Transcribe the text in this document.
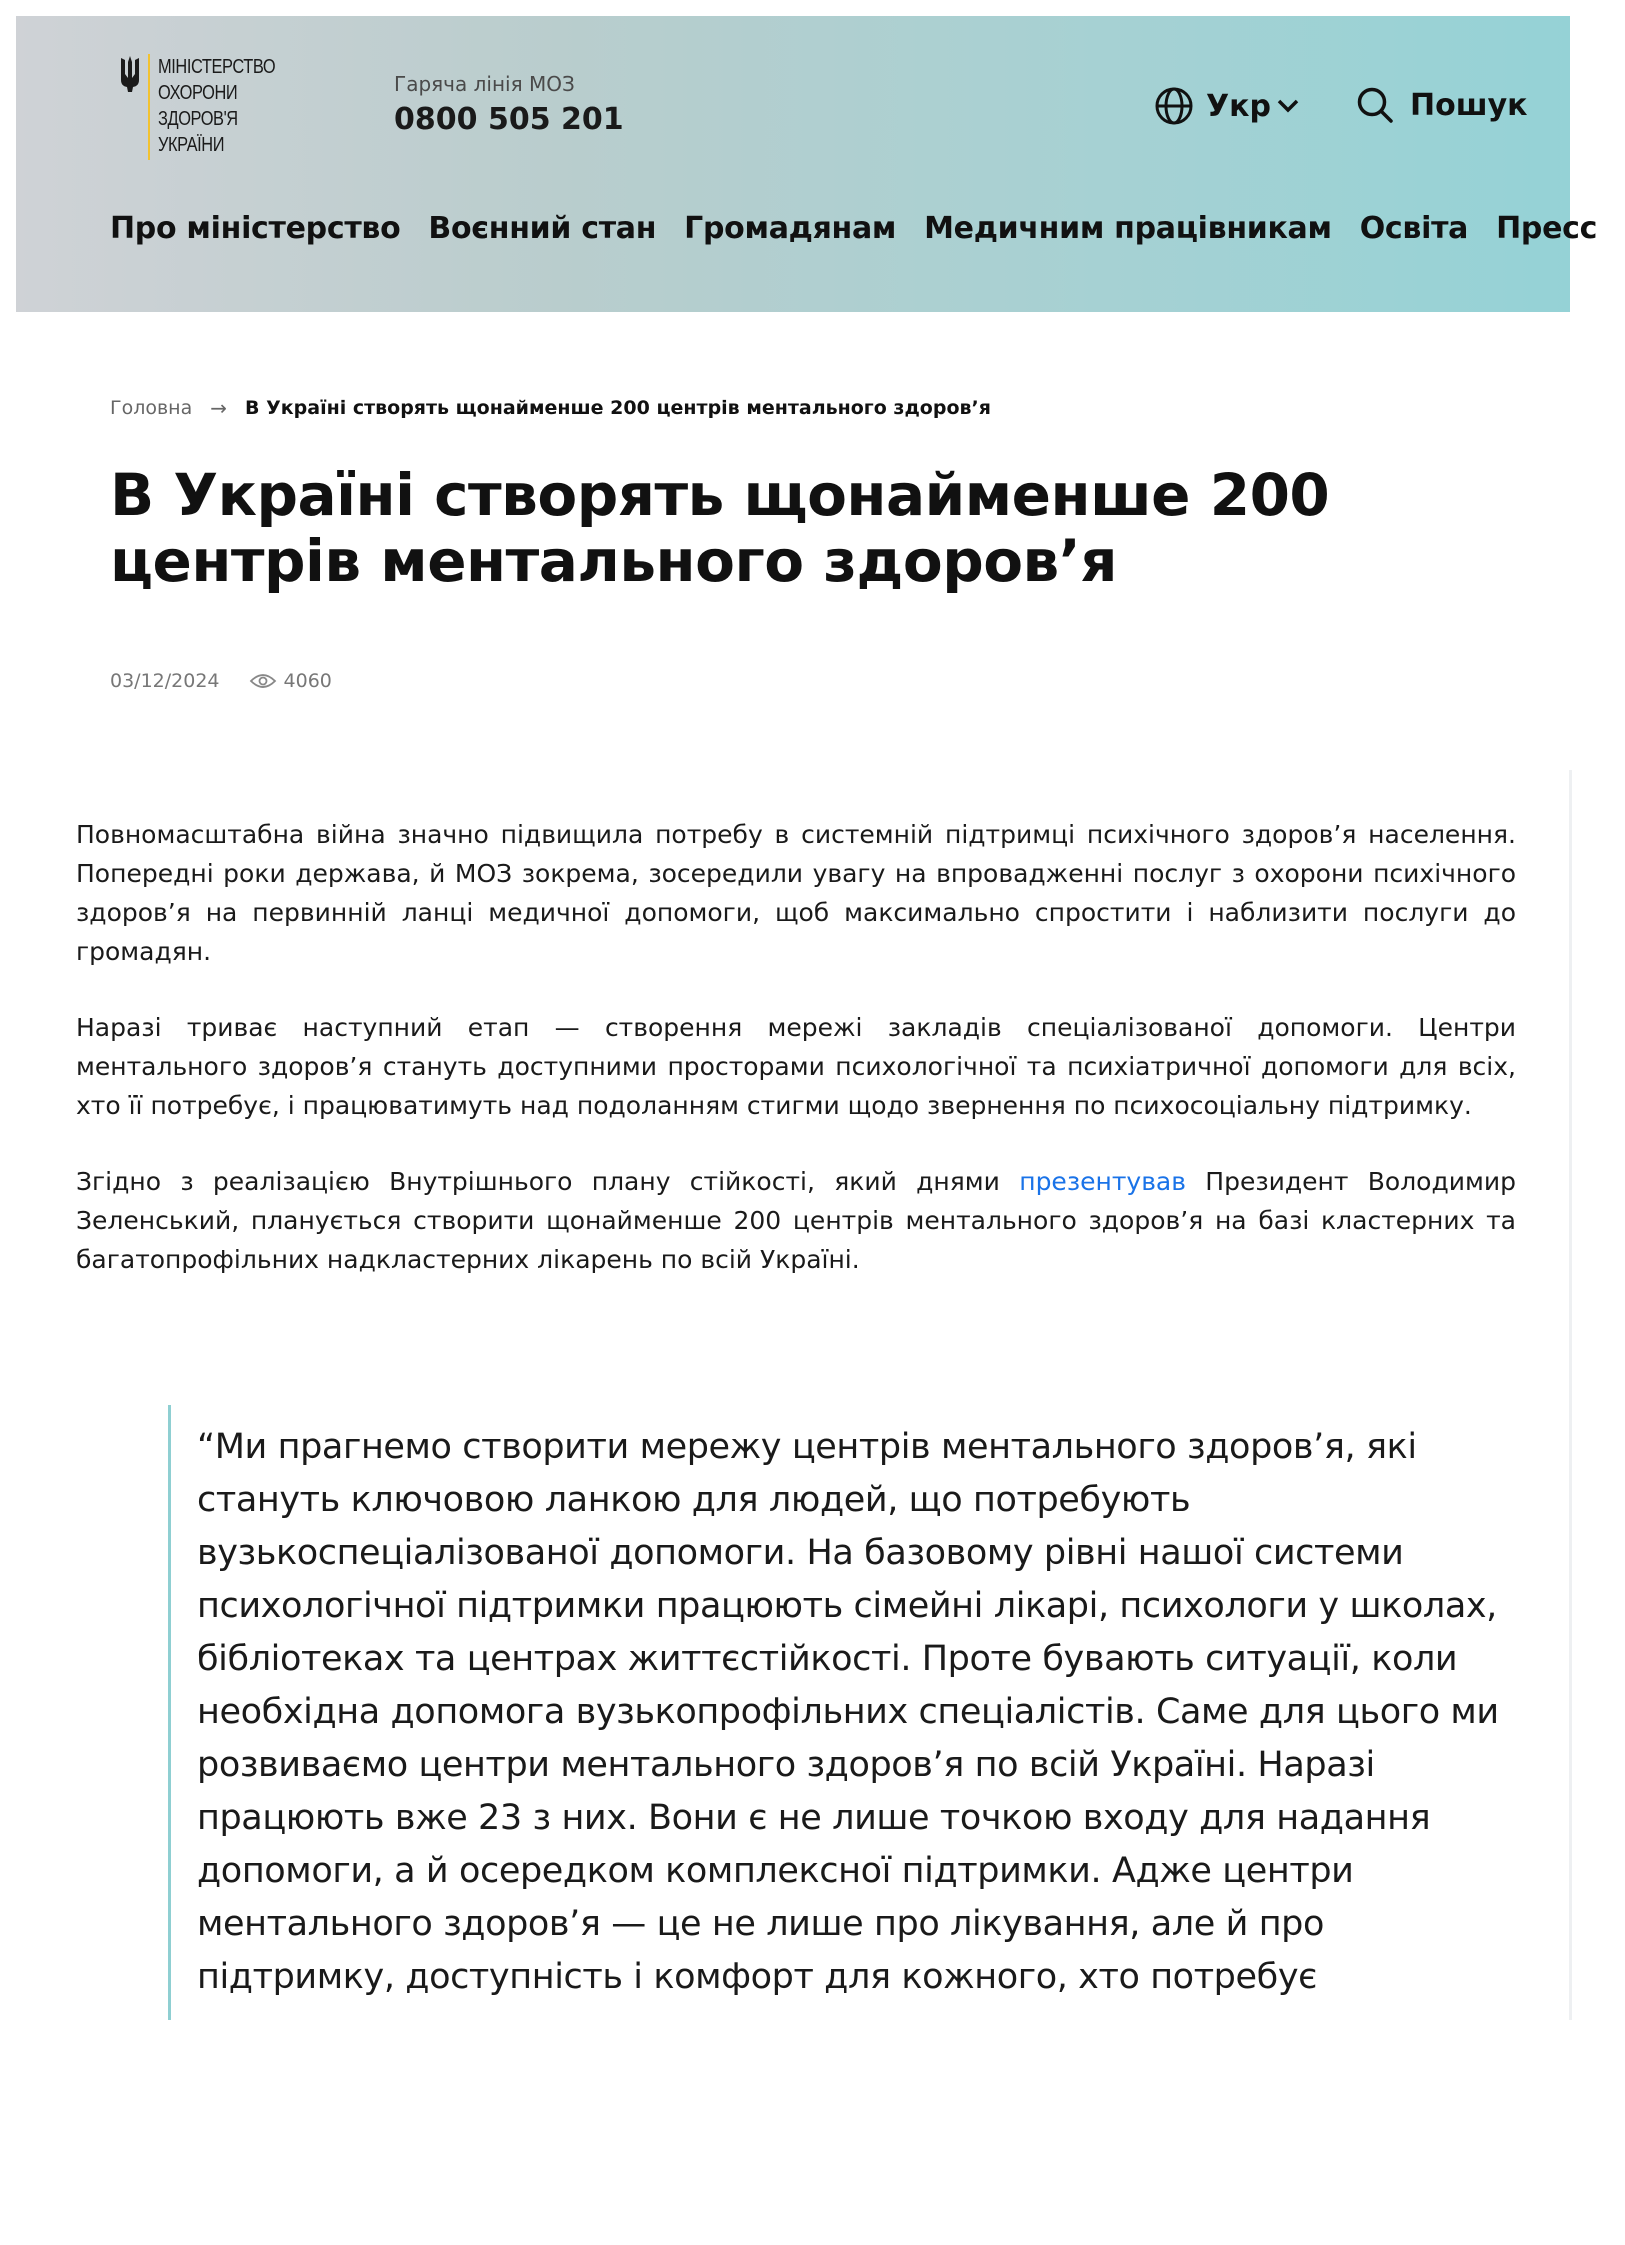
МІНІСТЕРСТВО
ОХОРОНИ
ЗДОРОВ'Я
УКРАЇНИ
Гаряча лінія МОЗ
0800 505 201	Укр	Пошук
Про міністерство Воєнний стан Громадянам Медичним працівникам Освіта Пресс
Головна → В Україні створять щонайменше 200 центрів ментального здоров’я
В Україні створять щонайменше 200 центрів ментального здоров’я
03/12/2024	4060

Повномасштабна війна значно підвищила потребу в системній підтримці психічного здоров’я населення. Попередні роки держава, й МОЗ зокрема, зосередили увагу на впровадженні послуг з охорони психічного здоров’я на первинній ланці медичної допомоги, щоб максимально спростити і наблизити послуги до громадян.

Наразі триває наступний етап — створення мережі закладів спеціалізованої допомоги. Центри ментального здоров’я стануть доступними просторами психологічної та психіатричної допомоги для всіх, хто її потребує, і працюватимуть над подоланням стигми щодо звернення по психосоціальну підтримку.

Згідно з реалізацією Внутрішнього плану стійкості, який днями презентував Президент Володимир Зеленський, планується створити щонайменше 200 центрів ментального здоров’я на базі кластерних та багатопрофільних надкластерних лікарень по всій Україні.

“Ми прагнемо створити мережу центрів ментального здоров’я, які стануть ключовою ланкою для людей, що потребують вузькоспеціалізованої допомоги. На базовому рівні нашої системи психологічної підтримки працюють сімейні лікарі, психологи у школах, бібліотеках та центрах життєстійкості. Проте бувають ситуації, коли необхідна допомога вузькопрофільних спеціалістів. Саме для цього ми розвиваємо центри ментального здоров’я по всій Україні. Наразі працюють вже 23 з них. Вони є не лише точкою входу для надання допомоги, а й осередком комплексної підтримки. Адже центри ментального здоров’я — це не лише про лікування, але й про підтримку, доступність і комфорт для кожного, хто потребує
